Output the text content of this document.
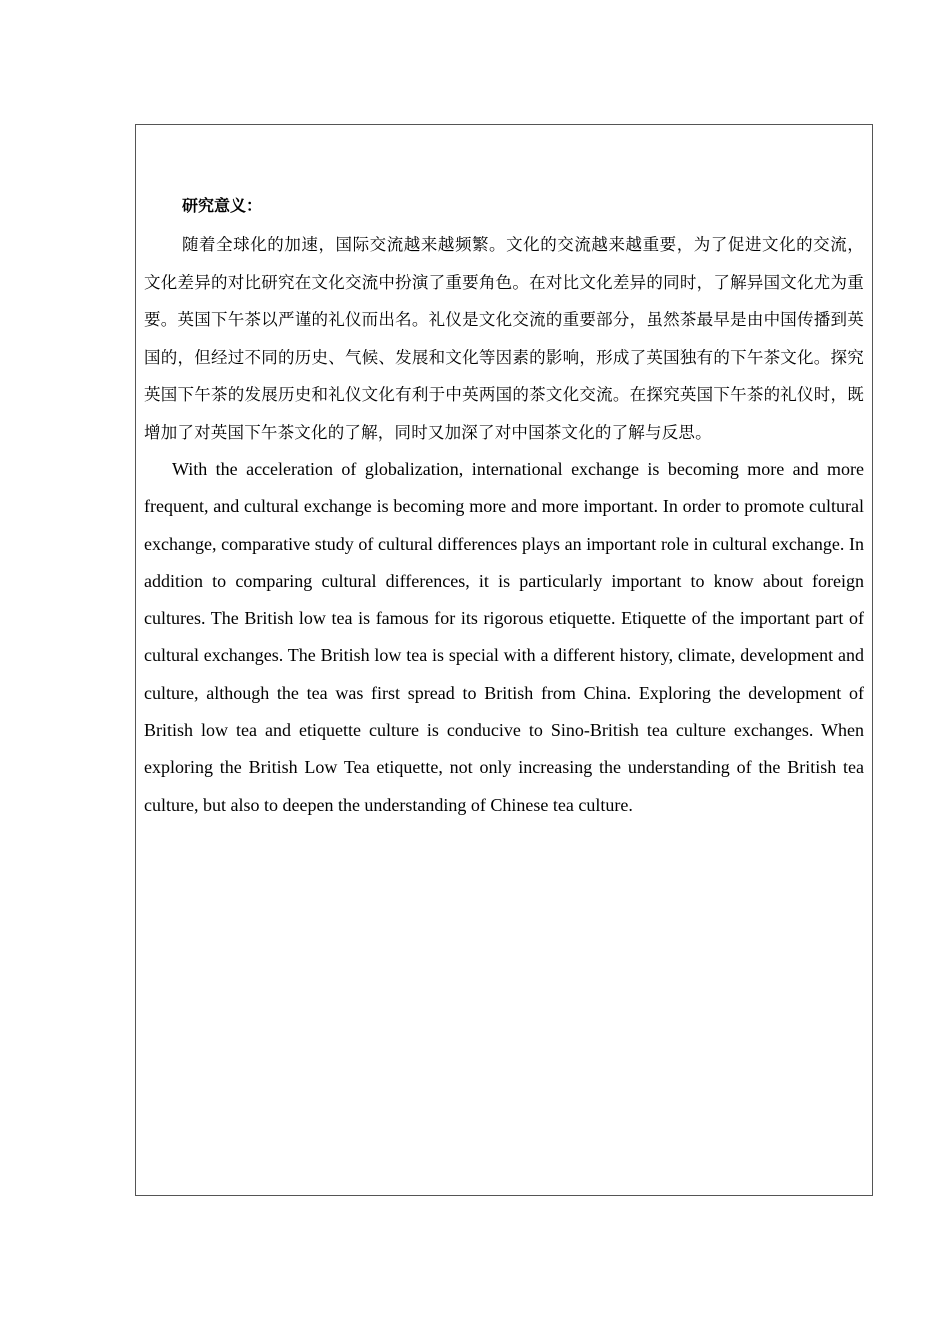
研究意义：

随着全球化的加速，国际交流越来越频繁。文化的交流越来越重要，为了促进文化的交流，文化差异的对比研究在文化交流中扮演了重要角色。在对比文化差异的同时，了解异国文化尤为重要。英国下午茶以严谨的礼仪而出名。礼仪是文化交流的重要部分，虽然茶最早是由中国传播到英国的，但经过不同的历史、气候、发展和文化等因素的影响，形成了英国独有的下午茶文化。探究英国下午茶的发展历史和礼仪文化有利于中英两国的茶文化交流。在探究英国下午茶的礼仪时，既增加了对英国下午茶文化的了解，同时又加深了对中国茶文化的了解与反思。

With the acceleration of globalization, international exchange is becoming more and more frequent, and cultural exchange is becoming more and more important. In order to promote cultural exchange, comparative study of cultural differences plays an important role in cultural exchange. In addition to comparing cultural differences, it is particularly important to know about foreign cultures. The British low tea is famous for its rigorous etiquette. Etiquette of the important part of cultural exchanges. The British low tea is special with a different history, climate, development and culture, although the tea was first spread to British from China. Exploring the development of British low tea and etiquette culture is conducive to Sino-British tea culture exchanges. When exploring the British Low Tea etiquette, not only increasing the understanding of the British tea culture, but also to deepen the understanding of Chinese tea culture.
